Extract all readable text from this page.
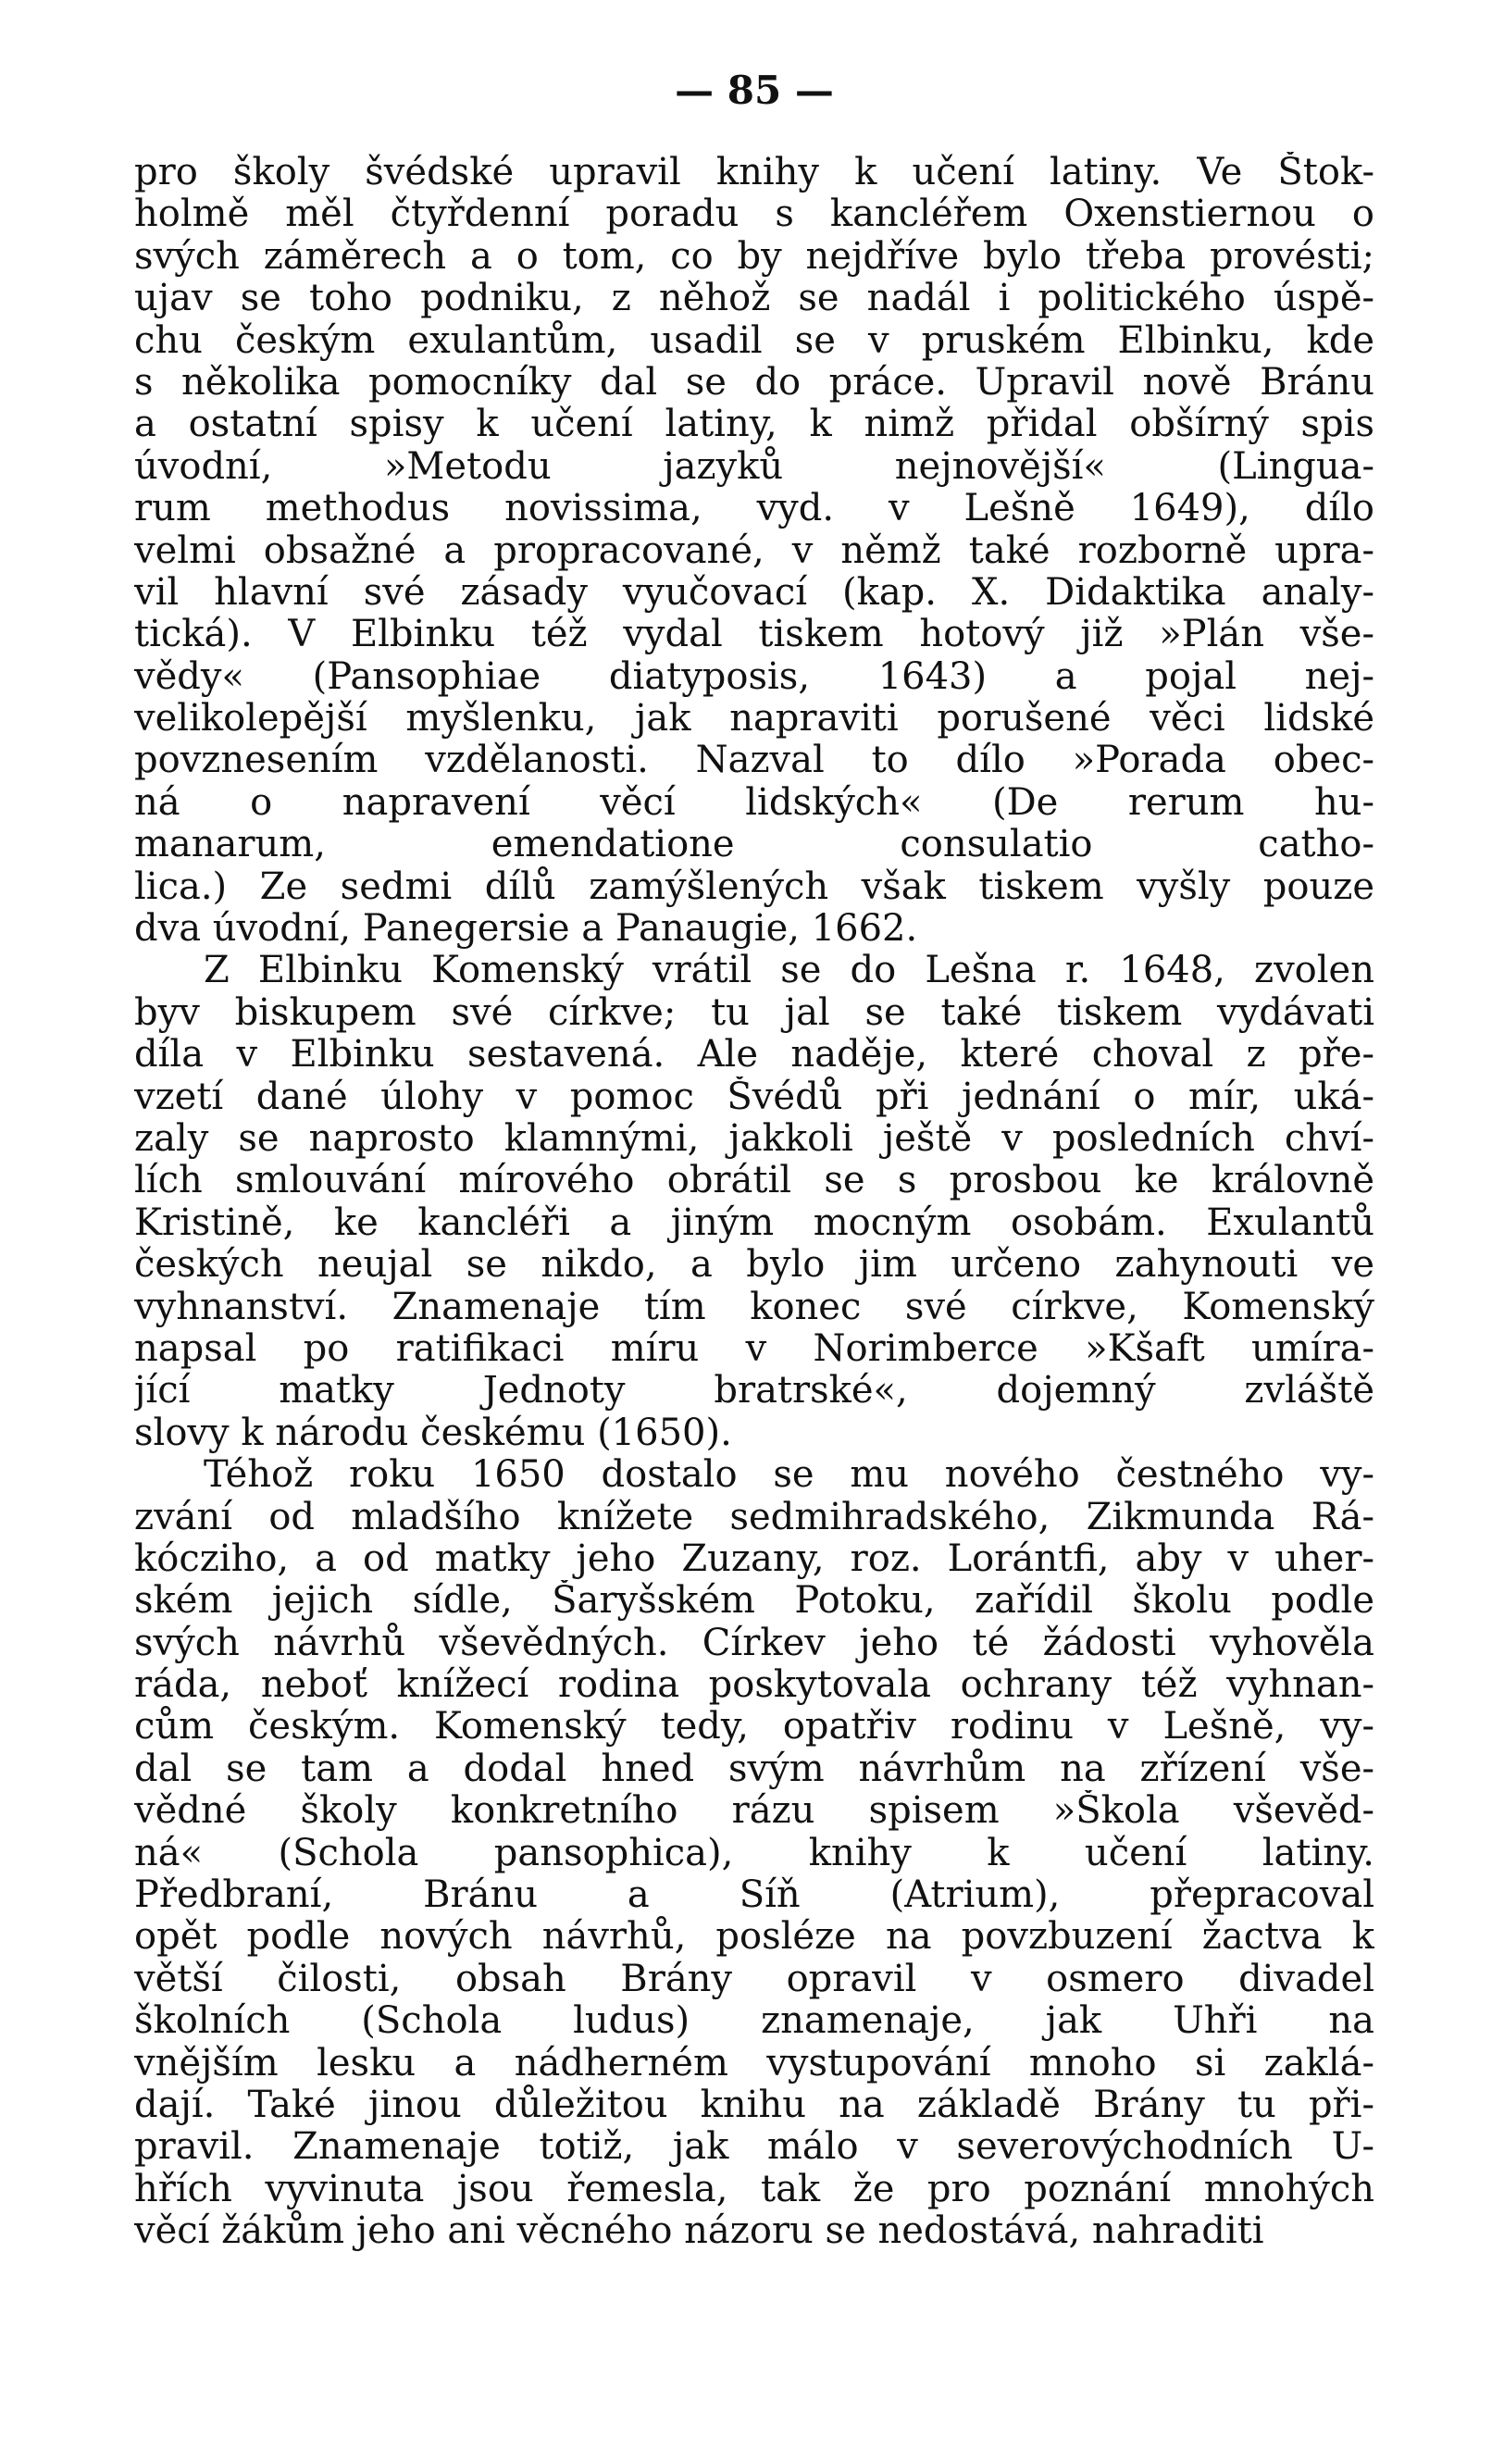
— 85 —
pro školy švédské upravil knihy k učení latiny. Ve Štok-
holmě měl čtyřdenní poradu s kancléřem Oxenstiernou o
svých záměrech a o tom, co by nejdříve bylo třeba provésti;
ujav se toho podniku, z něhož se nadál i politického úspě-
chu českým exulantům, usadil se v pruském Elbinku, kde
s několika pomocníky dal se do práce. Upravil nově Bránu
a ostatní spisy k učení latiny, k nimž přidal obšírný spis
úvodní, »Metodu jazyků nejnovější« (Lingua-
rum methodus novissima, vyd. v Lešně 1649), dílo
velmi obsažné a propracované, v němž také rozborně upra-
vil hlavní své zásady vyučovací (kap. X. Didaktika analy-
tická). V Elbinku též vydal tiskem hotový již »Plán vše-
vědy« (Pansophiae diatyposis, 1643) a pojal nej-
velikolepější myšlenku, jak napraviti porušené věci lidské
povznesením vzdělanosti. Nazval to dílo »Porada obec-
ná o napravení věcí lidských« (De rerum hu-
manarum, emendatione consulatio catho-
lica.) Ze sedmi dílů zamýšlených však tiskem vyšly pouze
dva úvodní, Panegersie a Panaugie, 1662.
Z Elbinku Komenský vrátil se do Lešna r. 1648, zvolen
byv biskupem své církve; tu jal se také tiskem vydávati
díla v Elbinku sestavená. Ale naděje, které choval z pře-
vzetí dané úlohy v pomoc Švédů při jednání o mír, uká-
zaly se naprosto klamnými, jakkoli ještě v posledních chví-
lích smlouvání mírového obrátil se s prosbou ke královně
Kristině, ke kancléři a jiným mocným osobám. Exulantů
českých neujal se nikdo, a bylo jim určeno zahynouti ve
vyhnanství. Znamenaje tím konec své církve, Komenský
napsal po ratifikaci míru v Norimberce »Kšaft umíra-
jící matky Jednoty bratrské«, dojemný zvláště
slovy k národu českému (1650).
Téhož roku 1650 dostalo se mu nového čestného vy-
zvání od mladšího knížete sedmihradského, Zikmunda Rá-
kócziho, a od matky jeho Zuzany, roz. Lorántfi, aby v uher-
ském jejich sídle, Šaryšském Potoku, zařídil školu podle
svých návrhů vševědných. Církev jeho té žádosti vyhověla
ráda, neboť knížecí rodina poskytovala ochrany též vyhnan-
cům českým. Komenský tedy, opatřiv rodinu v Lešně, vy-
dal se tam a dodal hned svým návrhům na zřízení vše-
vědné školy konkretního rázu spisem »Škola vševěd-
ná« (Schola pansophica), knihy k učení latiny.
Předbraní, Bránu a Síň (Atrium), přepracoval
opět podle nových návrhů, posléze na povzbuzení žactva k
větší čilosti, obsah Brány opravil v osmero divadel
školních (Schola ludus) znamenaje, jak Uhři na
vnějším lesku a nádherném vystupování mnoho si zaklá-
dají. Také jinou důležitou knihu na základě Brány tu při-
pravil. Znamenaje totiž, jak málo v severovýchodních U-
hřích vyvinuta jsou řemesla, tak že pro poznání mnohých
věcí žákům jeho ani věcného názoru se nedostává, nahraditi
